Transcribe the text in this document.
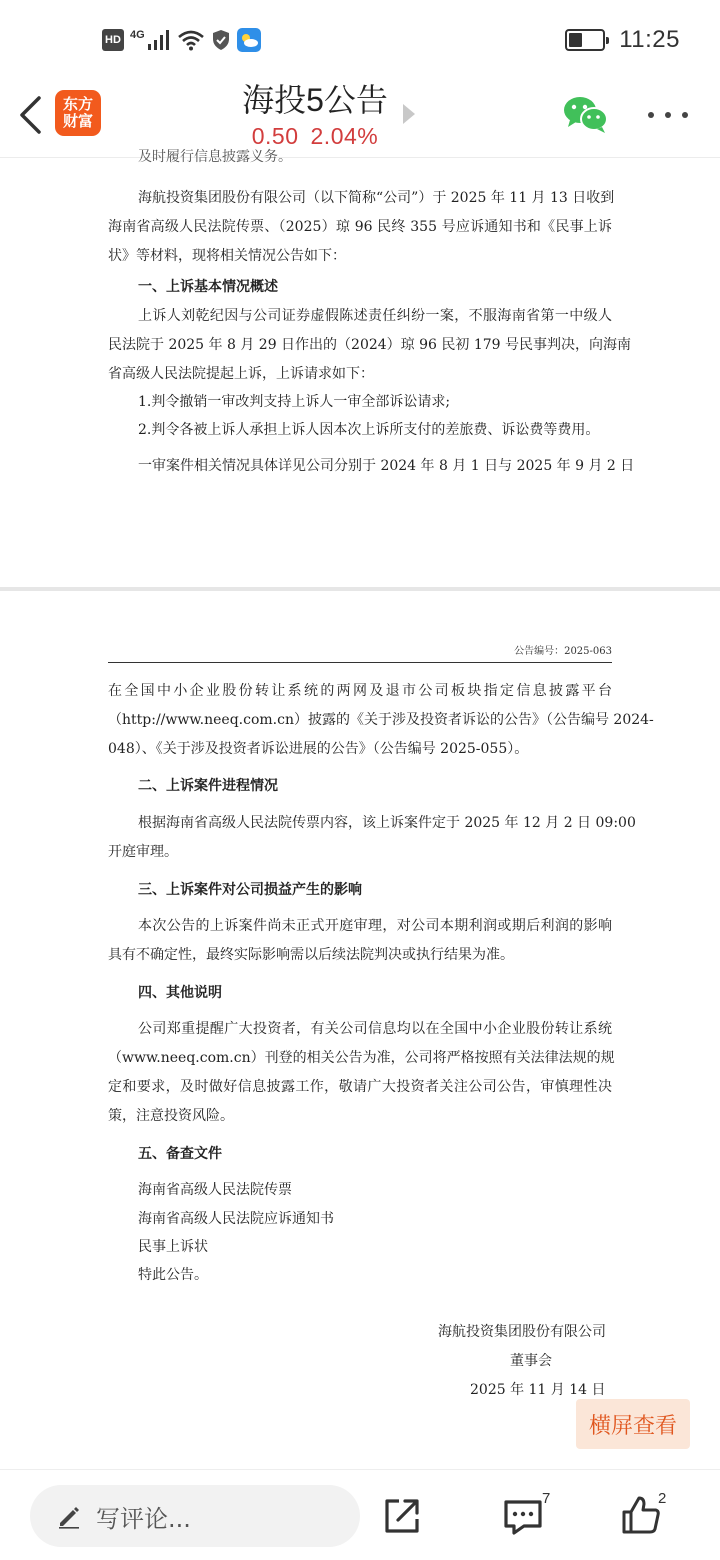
HD 4G	11:25
东方
财富
海投5公告
0.50 2.04%
及时履行信息披露义务。
海航投资集团股份有限公司（以下简称“公司”）于 2025 年 11 月 13 日收到
海南省高级人民法院传票、（2025）琼 96 民终 355 号应诉通知书和《民事上诉
状》等材料，现将相关情况公告如下：
一、上诉基本情况概述
上诉人刘乾纪因与公司证券虚假陈述责任纠纷一案，不服海南省第一中级人
民法院于 2025 年 8 月 29 日作出的（2024）琼 96 民初 179 号民事判决，向海南
省高级人民法院提起上诉，上诉请求如下：
1.判令撤销一审改判支持上诉人一审全部诉讼请求;
2.判令各被上诉人承担上诉人因本次上诉所支付的差旅费、诉讼费等费用。
一审案件相关情况具体详见公司分别于 2024 年 8 月 1 日与 2025 年 9 月 2 日
公告编号：2025-063
在全国中小企业股份转让系统的两网及退市公司板块指定信息披露平台
（http://www.neeq.com.cn）披露的《关于涉及投资者诉讼的公告》（公告编号 2024-
048）、《关于涉及投资者诉讼进展的公告》（公告编号 2025-055）。
二、上诉案件进程情况
根据海南省高级人民法院传票内容，该上诉案件定于 2025 年 12 月 2 日 09:00
开庭审理。
三、上诉案件对公司损益产生的影响
本次公告的上诉案件尚未正式开庭审理，对公司本期利润或期后利润的影响
具有不确定性，最终实际影响需以后续法院判决或执行结果为准。
四、其他说明
公司郑重提醒广大投资者，有关公司信息均以在全国中小企业股份转让系统
（www.neeq.com.cn）刊登的相关公告为准，公司将严格按照有关法律法规的规
定和要求，及时做好信息披露工作，敬请广大投资者关注公司公告，审慎理性决
策，注意投资风险。
五、备查文件
海南省高级人民法院传票
海南省高级人民法院应诉通知书
民事上诉状
特此公告。
海航投资集团股份有限公司
董事会
2025 年 11 月 14 日
横屏查看
写评论...
7	2
